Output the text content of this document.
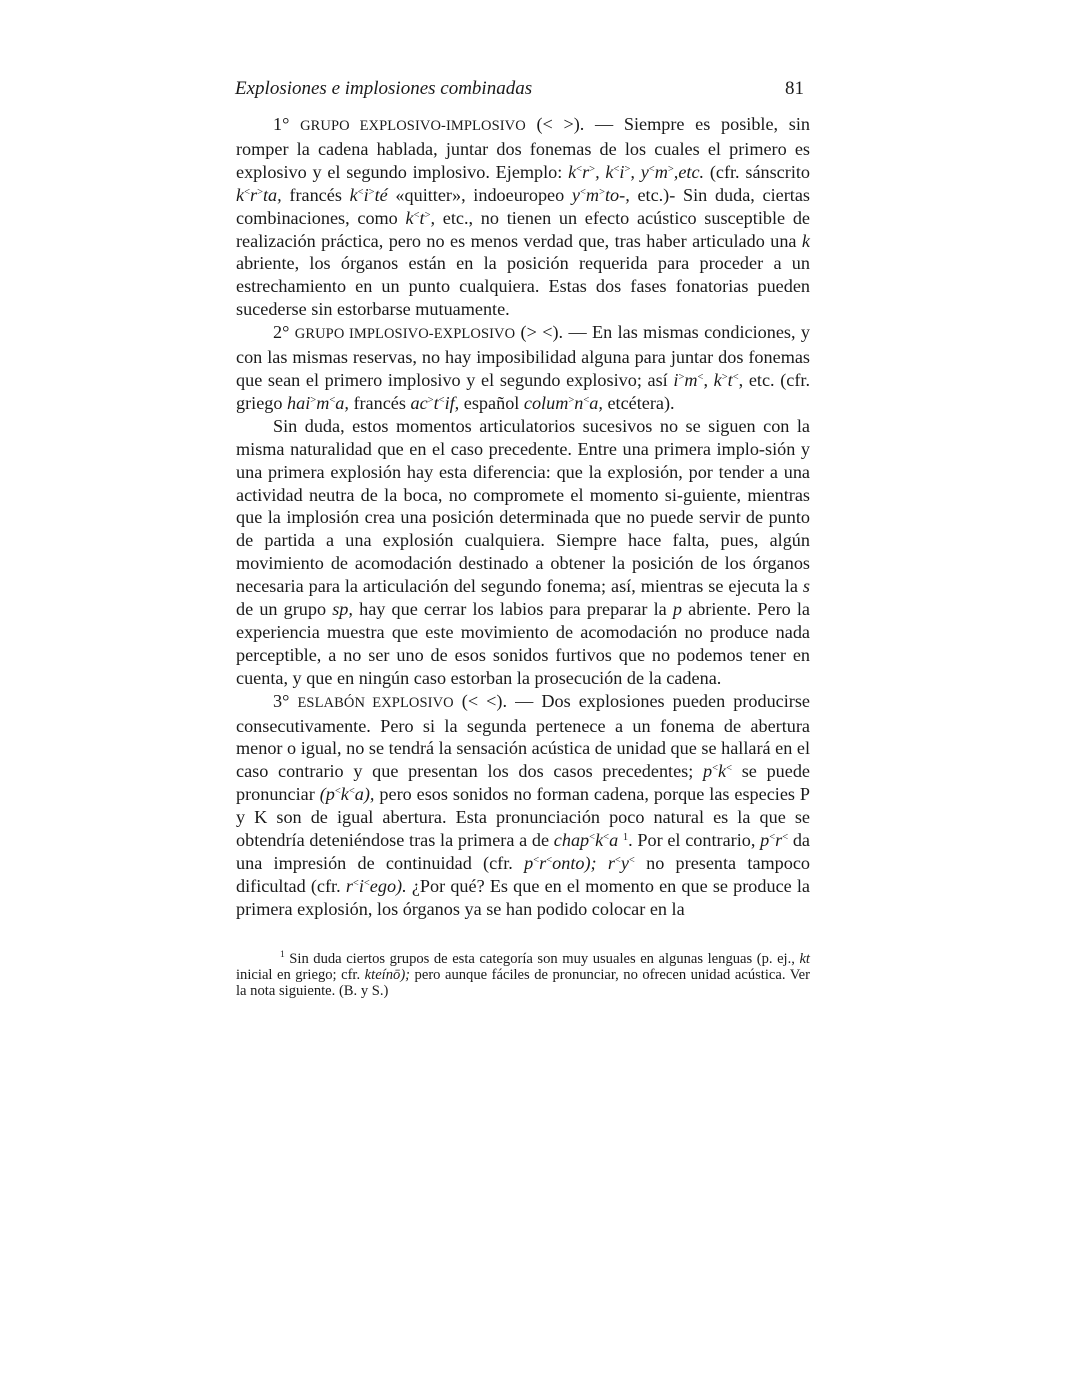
Explosiones e implosiones combinadas	81

1° GRUPO EXPLOSIVO-IMPLOSIVO (< >). — Siempre es posible, sin romper la cadena hablada, juntar dos fonemas de los cuales el primero es explosivo y el segundo implosivo. Ejemplo: k<r>, k<i>, y<m>,etc. (cfr. sánscrito k<r>ta, francés k<i>té «quitter», indoeuropeo y<m>to-, etc.)- Sin duda, ciertas combinaciones, como k<t>, etc., no tienen un efecto acústico susceptible de realización práctica, pero no es menos verdad que, tras haber articulado una k abriente, los órganos están en la posición requerida para proceder a un estrechamiento en un punto cualquiera. Estas dos fases fonatorias pueden sucederse sin estorbarse mutuamente.

2° GRUPO IMPLOSIVO-EXPLOSIVO (> <). — En las mismas condiciones, y con las mismas reservas, no hay imposibilidad alguna para juntar dos fonemas que sean el primero implosivo y el segundo explosivo; así i>m<, k>t<, etc. (cfr. griego hai>m<a, francés ac>t<if, español colum>n<a, etcétera).

Sin duda, estos momentos articulatorios sucesivos no se siguen con la misma naturalidad que en el caso precedente. Entre una primera implo-sión y una primera explosión hay esta diferencia: que la explosión, por tender a una actividad neutra de la boca, no compromete el momento si-guiente, mientras que la implosión crea una posición determinada que no puede servir de punto de partida a una explosión cualquiera. Siempre hace falta, pues, algún movimiento de acomodación destinado a obtener la posición de los órganos necesaria para la articulación del segundo fonema; así, mientras se ejecuta la s de un grupo sp, hay que cerrar los labios para preparar la p abriente. Pero la experiencia muestra que este movimiento de acomodación no produce nada perceptible, a no ser uno de esos sonidos furtivos que no podemos tener en cuenta, y que en ningún caso estorban la prosecución de la cadena.

3° ESLABÓN EXPLOSIVO (< <). — Dos explosiones pueden producirse consecutivamente. Pero si la segunda pertenece a un fonema de abertura menor o igual, no se tendrá la sensación acústica de unidad que se hallará en el caso contrario y que presentan los dos casos precedentes; p<k< se puede pronunciar (p<k<a), pero esos sonidos no forman cadena, porque las especies P y K son de igual abertura. Esta pronunciación poco natural es la que se obtendría deteniéndose tras la primera a de chap<k<a $^1$. Por el contrario, p<r< da una impresión de continuidad (cfr. p<r<onto); r<y< no presenta tampoco dificultad (cfr. r<i<ego). ¿Por qué? Es que en el momento en que se produce la primera explosión, los órganos ya se han podido colocar en la

$^1$ Sin duda ciertos grupos de esta categoría son muy usuales en algunas lenguas (p. ej., kt inicial en griego; cfr. kteínō); pero aunque fáciles de pronunciar, no ofrecen unidad acústica. Ver la nota siguiente. (B. y S.)
